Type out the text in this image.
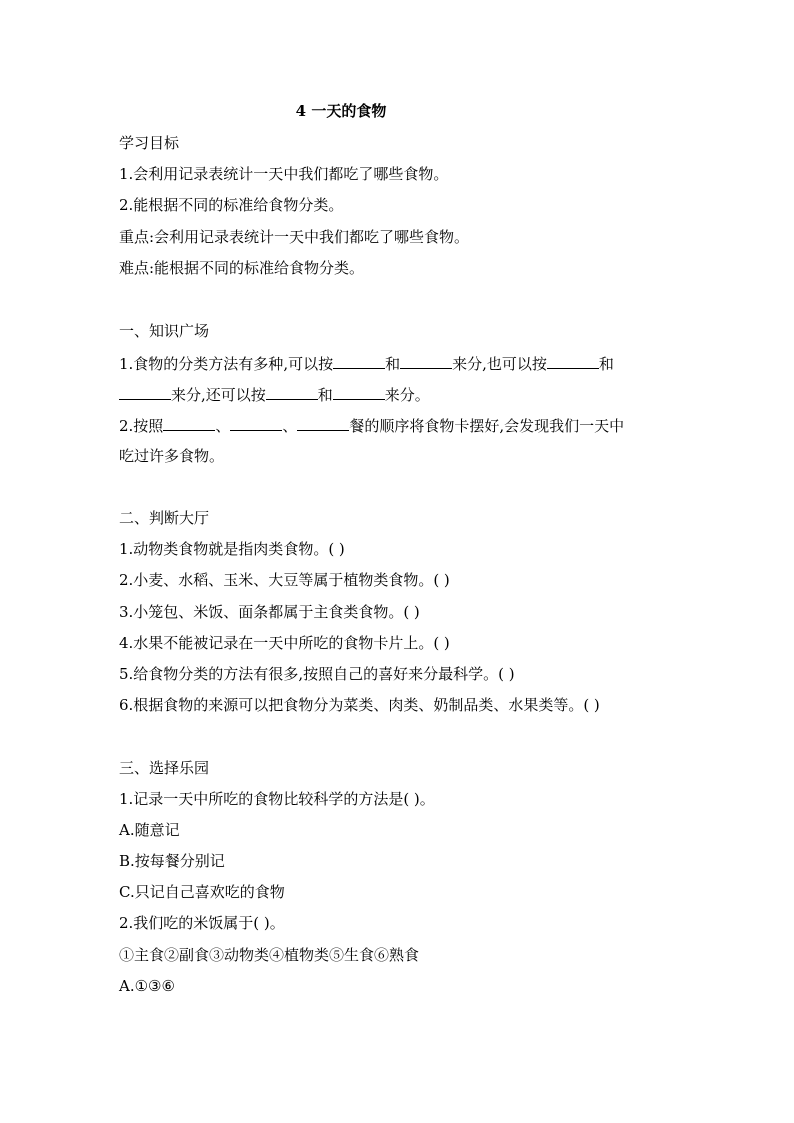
4 一天的食物
学习目标
1.会利用记录表统计一天中我们都吃了哪些食物。
2.能根据不同的标准给食物分类。
重点:会利用记录表统计一天中我们都吃了哪些食物。
难点:能根据不同的标准给食物分类。
一、知识广场
1.食物的分类方法有多种,可以按	和	来分,也可以按	和
来分,还可以按	和	来分。
2.按照	、	、	餐的顺序将食物卡摆好,会发现我们一天中
吃过许多食物。
二、判断大厅
1.动物类食物就是指肉类食物。( )
2.小麦、水稻、玉米、大豆等属于植物类食物。( )
3.小笼包、米饭、面条都属于主食类食物。( )
4.水果不能被记录在一天中所吃的食物卡片上。( )
5.给食物分类的方法有很多,按照自己的喜好来分最科学。( )
6.根据食物的来源可以把食物分为菜类、肉类、奶制品类、水果类等。( )
三、选择乐园
1.记录一天中所吃的食物比较科学的方法是( )。
A.随意记
B.按每餐分别记
C.只记自己喜欢吃的食物
2.我们吃的米饭属于( )。
①主食②副食③动物类④植物类⑤生食⑥熟食
A.①③⑥
